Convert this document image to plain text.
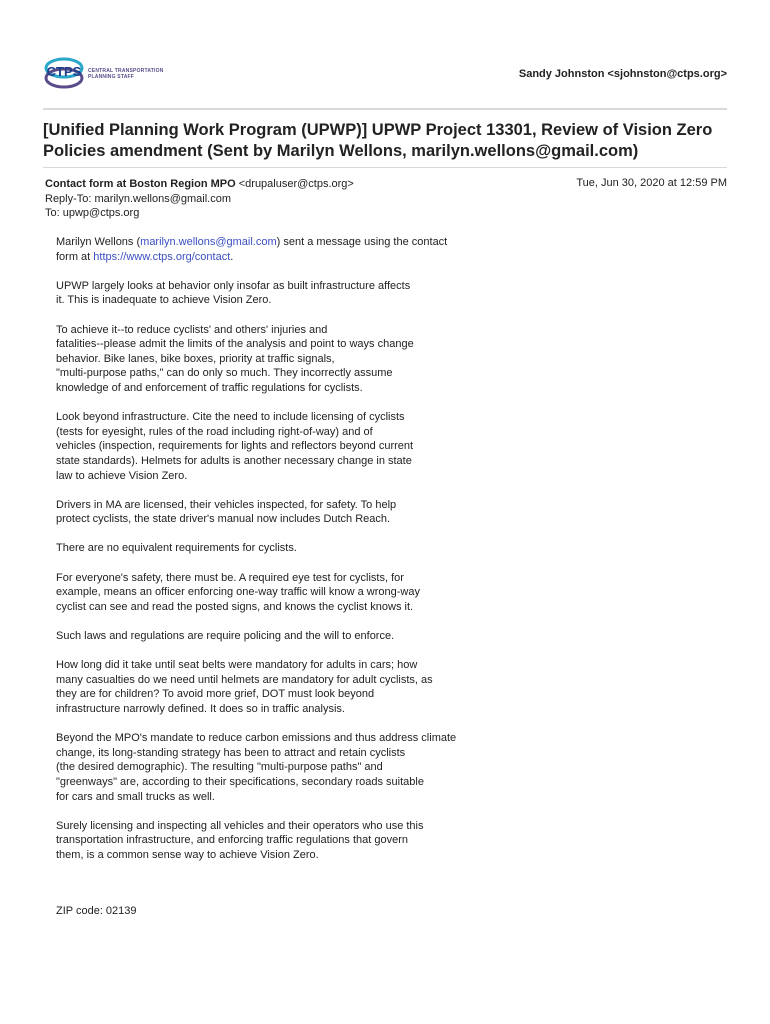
CTPS CENTRAL TRANSPORTATION PLANNING STAFF	Sandy Johnston <sjohnston@ctps.org>
[Unified Planning Work Program (UPWP)] UPWP Project 13301, Review of Vision Zero Policies amendment (Sent by Marilyn Wellons, marilyn.wellons@gmail.com)
Contact form at Boston Region MPO <drupaluser@ctps.org>
Reply-To: marilyn.wellons@gmail.com
To: upwp@ctps.org
Tue, Jun 30, 2020 at 12:59 PM

Marilyn Wellons (marilyn.wellons@gmail.com) sent a message using the contact
form at https://www.ctps.org/contact.

UPWP largely looks at behavior only insofar as built infrastructure affects
it. This is inadequate to achieve Vision Zero.

To achieve it--to reduce cyclists' and others' injuries and
fatalities--please admit the limits of the analysis and point to ways change
behavior. Bike lanes, bike boxes, priority at traffic signals,
"multi-purpose paths," can do only so much. They incorrectly assume
knowledge of and enforcement of traffic regulations for cyclists.

Look beyond infrastructure. Cite the need to include licensing of cyclists
(tests for eyesight, rules of the road including right-of-way) and of
vehicles (inspection, requirements for lights and reflectors beyond current
state standards). Helmets for adults is another necessary change in state
law to achieve Vision Zero.

Drivers in MA are licensed, their vehicles inspected, for safety. To help
protect cyclists, the state driver's manual now includes Dutch Reach.

There are no equivalent requirements for cyclists.

For everyone's safety, there must be. A required eye test for cyclists, for
example, means an officer enforcing one-way traffic will know a wrong-way
cyclist can see and read the posted signs, and knows the cyclist knows it.

Such laws and regulations are require policing and the will to enforce.

How long did it take until seat belts were mandatory for adults in cars; how
many casualties do we need until helmets are mandatory for adult cyclists, as
they are for children? To avoid more grief, DOT must look beyond
infrastructure narrowly defined. It does so in traffic analysis.

Beyond the MPO's mandate to reduce carbon emissions and thus address climate
change, its long-standing strategy has been to attract and retain cyclists
(the desired demographic). The resulting "multi-purpose paths" and
"greenways" are, according to their specifications, secondary roads suitable
for cars and small trucks as well.

Surely licensing and inspecting all vehicles and their operators who use this
transportation infrastructure, and enforcing traffic regulations that govern
them, is a common sense way to achieve Vision Zero.

ZIP code: 02139
